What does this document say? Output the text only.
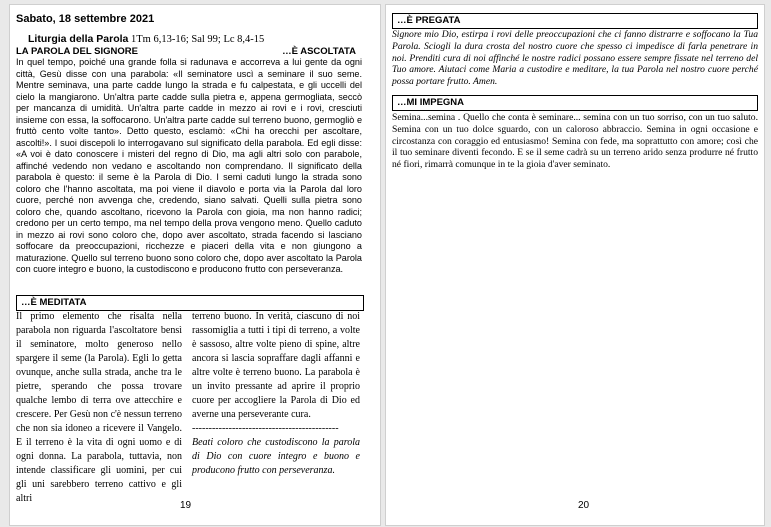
Sabato, 18 settembre 2021
Liturgia della Parola 1Tm 6,13-16; Sal 99; Lc 8,4-15
LA PAROLA DEL SIGNORE	…È ASCOLTATA
In quel tempo, poiché una grande folla si radunava e accorreva a lui gente da ogni città, Gesù disse con una parabola: «Il seminatore uscì a seminare il suo seme. Mentre seminava, una parte cadde lungo la strada e fu calpestata, e gli uccelli del cielo la mangiarono. Un'altra parte cadde sulla pietra e, appena germogliata, seccò per mancanza di umidità. Un'altra parte cadde in mezzo ai rovi e i rovi, cresciuti insieme con essa, la soffocarono. Un'altra parte cadde sul terreno buono, germogliò e fruttò cento volte tanto». Detto questo, esclamò: «Chi ha orecchi per ascoltare, ascolti!». I suoi discepoli lo interrogavano sul significato della parabola. Ed egli disse: «A voi è dato conoscere i misteri del regno di Dio, ma agli altri solo con parabole, affinché vedendo non vedano e ascoltando non comprendano. Il significato della parabola è questo: il seme è la Parola di Dio. I semi caduti lungo la strada sono coloro che l'hanno ascoltata, ma poi viene il diavolo e porta via la Parola dal loro cuore, perché non avvenga che, credendo, siano salvati. Quelli sulla pietra sono coloro che, quando ascoltano, ricevono la Parola con gioia, ma non hanno radici; credono per un certo tempo, ma nel tempo della prova vengono meno. Quello caduto in mezzo ai rovi sono coloro che, dopo aver ascoltato, strada facendo si lasciano soffocare da preoccupazioni, ricchezze e piaceri della vita e non giungono a maturazione. Quello sul terreno buono sono coloro che, dopo aver ascoltato la Parola con cuore integro e buono, la custodiscono e producono frutto con perseveranza.
…È MEDITATA
Il primo elemento che risalta nella parabola non riguarda l'ascoltatore bensì il seminatore, molto generoso nello spargere il seme (la Parola). Egli lo getta ovunque, anche sulla strada, anche tra le pietre, sperando che possa trovare qualche lembo di terra ove attecchire e crescere. Per Gesù non c'è nessun terreno che non sia idoneo a ricevere il Vangelo. E il terreno è la vita di ogni uomo e di ogni donna. La parabola, tuttavia, non intende classificare gli uomini, per cui gli uni sarebbero terreno cattivo e gli altri
terreno buono. In verità, ciascuno di noi rassomiglia a tutti i tipi di terreno, a volte è sassoso, altre volte pieno di spine, altre ancora si lascia sopraffare dagli affanni e altre volte è terreno buono. La parabola è un invito pressante ad aprire il proprio cuore per accogliere la Parola di Dio ed averne una perseverante cura.
--------------------------------------------
Beati coloro che custodiscono la parola di Dio con cuore integro e buono e producono frutto con perseveranza.
19
…È PREGATA
Signore mio Dio, estirpa i rovi delle preoccupazioni che ci fanno distrarre e soffocano la Tua Parola. Sciogli la dura crosta del nostro cuore che spesso ci impedisce di farla penetrare in noi. Prenditi cura di noi affinché le nostre radici possano essere sempre fissate nel terreno del Tuo amore. Aiutaci come Maria a custodire e meditare, la tua Parola nel nostro cuore perché possa portare frutto. Amen.
…MI IMPEGNA
Semina...semina . Quello che conta è seminare... semina con un tuo sorriso, con un tuo saluto. Semina con un tuo dolce sguardo, con un caloroso abbraccio. Semina in ogni occasione e circostanza con coraggio ed entusiasmo! Semina con fede, ma soprattutto con amore; così che il tuo seminare diventi fecondo. E se il seme cadrà su un terreno arido senza produrre né frutto né fiori, rimarrà comunque in te la gioia d'aver seminato.
20
